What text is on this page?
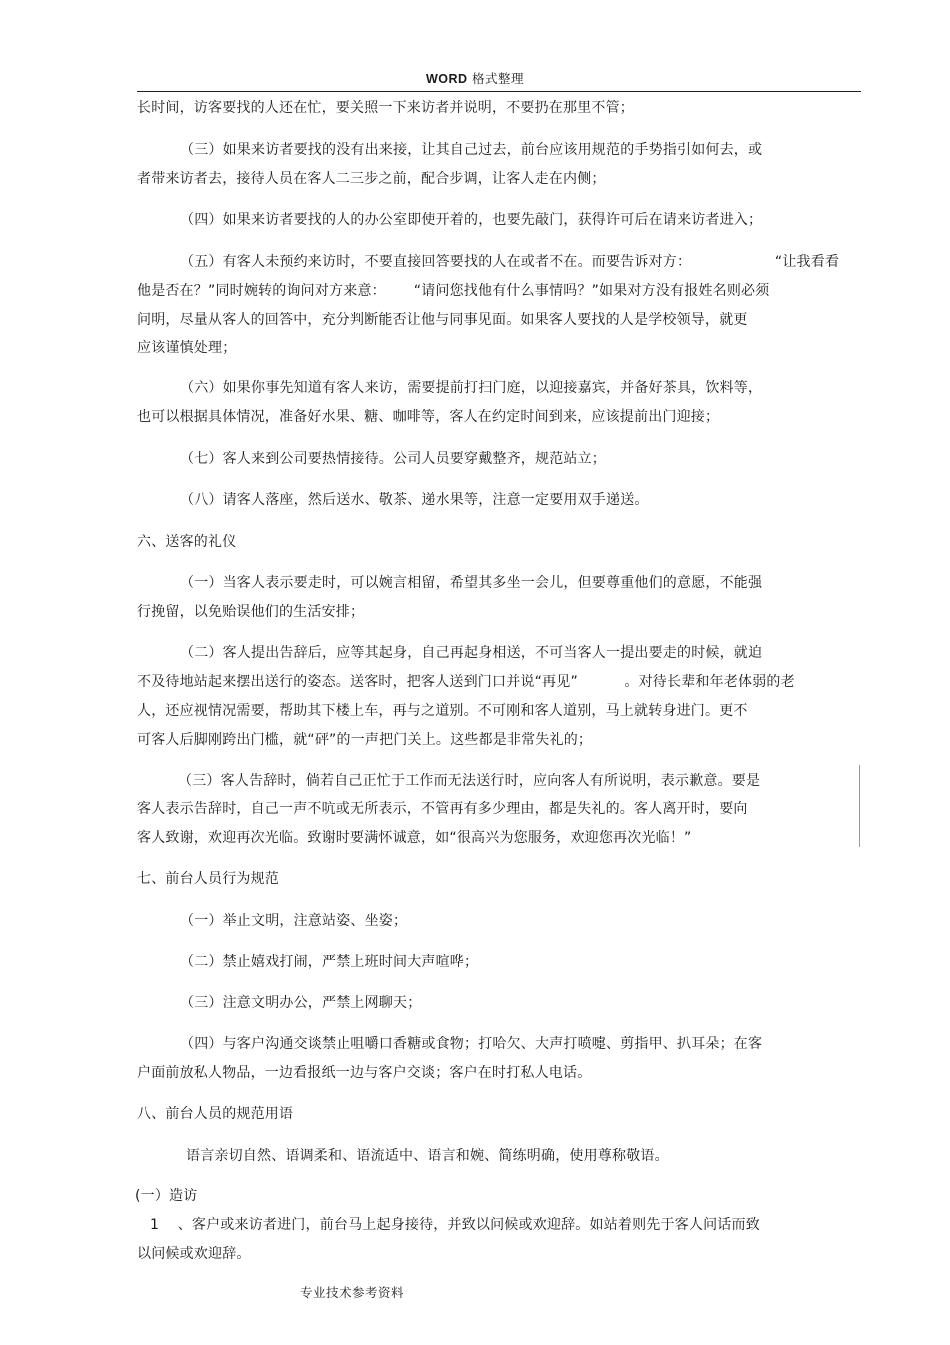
WORD 格式整理
长时间，访客要找的人还在忙，要关照一下来访者并说明，不要扔在那里不管；
（三）如果来访者要找的没有出来接，让其自己过去，前台应该用规范的手势指引如何去，或
者带来访者去，接待人员在客人二三步之前，配合步调，让客人走在内侧；
（四）如果来访者要找的人的办公室即使开着的，也要先敲门，获得许可后在请来访者进入；
（五）有客人未预约来访时，不要直接回答要找的人在或者不在。而要告诉对方：                  “让我看看
他是否在？”同时婉转的询问对方来意：      “请问您找他有什么事情吗？”如果对方没有报姓名则必须
问明，尽量从客人的回答中，充分判断能否让他与同事见面。如果客人要找的人是学校领导，就更
应该谨慎处理；
（六）如果你事先知道有客人来访，需要提前打扫门庭，以迎接嘉宾，并备好茶具，饮料等，
也可以根据具体情况，准备好水果、糖、咖啡等，客人在约定时间到来，应该提前出门迎接；
（七）客人来到公司要热情接待。公司人员要穿戴整齐，规范站立；
（八）请客人落座，然后送水、敬茶、递水果等，注意一定要用双手递送。
六、送客的礼仪
（一）当客人表示要走时，可以婉言相留，希望其多坐一会儿，但要尊重他们的意愿，不能强
行挽留，以免贻误他们的生活安排；
（二）客人提出告辞后，应等其起身，自己再起身相送，不可当客人一提出要走的时候，就迫
不及待地站起来摆出送行的姿态。送客时，把客人送到门口并说“再见”          。对待长辈和年老体弱的老
人，还应视情况需要，帮助其下楼上车，再与之道别。不可刚和客人道别，马上就转身进门。更不
可客人后脚刚跨出门槛，就“砰”的一声把门关上。这些都是非常失礼的；
（三）客人告辞时，倘若自己正忙于工作而无法送行时，应向客人有所说明，表示歉意。要是
客人表示告辞时，自己一声不吭或无所表示，不管再有多少理由，都是失礼的。客人离开时，要向
客人致谢，欢迎再次光临。致谢时要满怀诚意，如“很高兴为您服务，欢迎您再次光临！”
七、前台人员行为规范
（一）举止文明，注意站姿、坐姿；
（二）禁止嬉戏打闹，严禁上班时间大声喧哗；
（三）注意文明办公，严禁上网聊天；
（四）与客户沟通交谈禁止咀嚼口香糖或食物；打哈欠、大声打喷嚏、剪指甲、扒耳朵；在客
户面前放私人物品，一边看报纸一边与客户交谈；客户在时打私人电话。
八、前台人员的规范用语
语言亲切自然、语调柔和、语流适中、语言和婉、简练明确，使用尊称敬语。
(一）造访
1    、客户或来访者进门，前台马上起身接待，并致以问候或欢迎辞。如站着则先于客人问话而致
以问候或欢迎辞。
专业技术参考资料
